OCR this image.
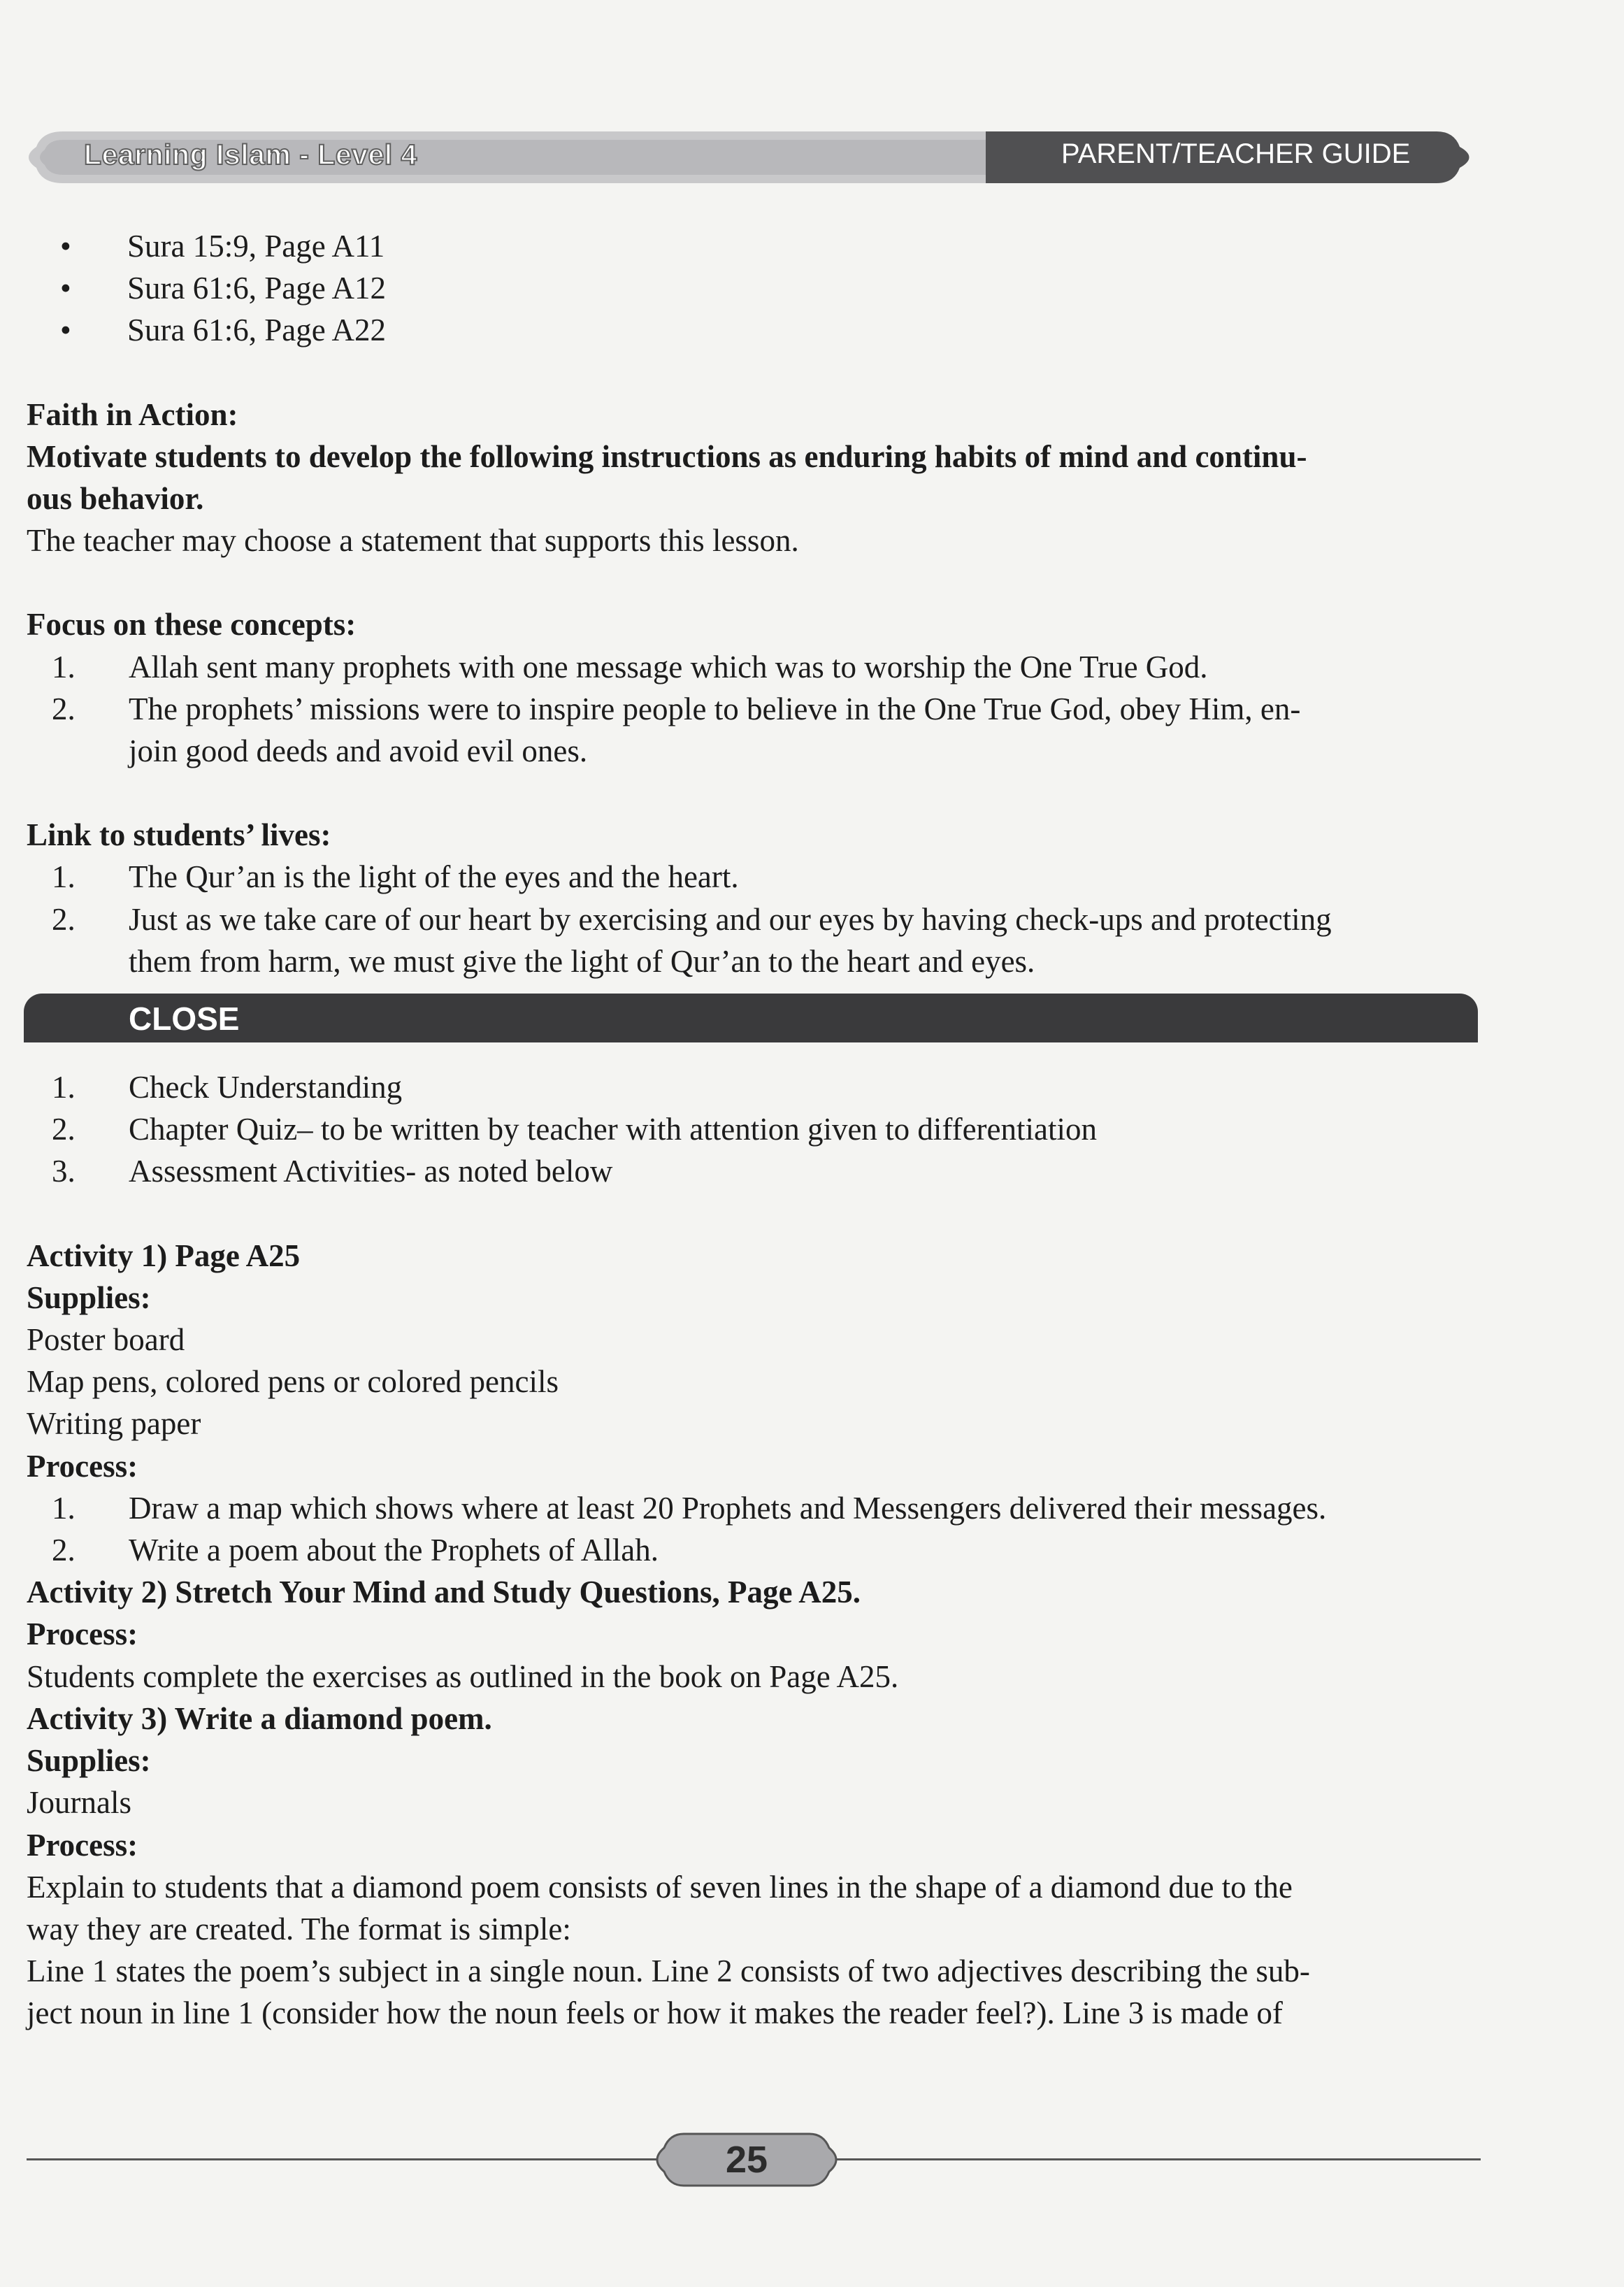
Learning Islam - Level 4	PARENT/TEACHER GUIDE
• Sura 15:9, Page A11
• Sura 61:6, Page A12
• Sura 61:6, Page A22
Faith in Action:
Motivate students to develop the following instructions as enduring habits of mind and continu-
ous behavior.
The teacher may choose a statement that supports this lesson.
Focus on these concepts:
1. Allah sent many prophets with one message which was to worship the One True God.
2. The prophets’ missions were to inspire people to believe in the One True God, obey Him, en-
join good deeds and avoid evil ones.
Link to students’ lives:
1. The Qur’an is the light of the eyes and the heart.
2. Just as we take care of our heart by exercising and our eyes by having check-ups and protecting
them from harm, we must give the light of Qur’an to the heart and eyes.
CLOSE
1. Check Understanding
2. Chapter Quiz– to be written by teacher with attention given to differentiation
3. Assessment Activities- as noted below
Activity 1) Page A25
Supplies:
Poster board
Map pens, colored pens or colored pencils
Writing paper
Process:
1. Draw a map which shows where at least 20 Prophets and Messengers delivered their messages.
2. Write a poem about the Prophets of Allah.
Activity 2) Stretch Your Mind and Study Questions, Page A25.
Process:
Students complete the exercises as outlined in the book on Page A25.
Activity 3) Write a diamond poem.
Supplies:
Journals
Process:
Explain to students that a diamond poem consists of seven lines in the shape of a diamond due to the
way they are created. The format is simple:
Line 1 states the poem’s subject in a single noun. Line 2 consists of two adjectives describing the sub-
ject noun in line 1 (consider how the noun feels or how it makes the reader feel?). Line 3 is made of
25
